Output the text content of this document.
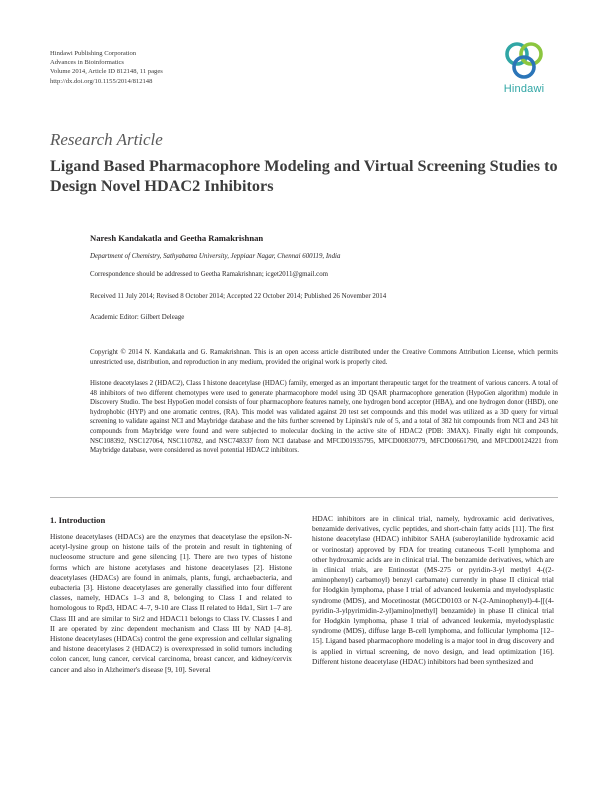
Hindawi Publishing Corporation
Advances in Bioinformatics
Volume 2014, Article ID 812148, 11 pages
http://dx.doi.org/10.1155/2014/812148
Hindawi
Research Article
Ligand Based Pharmacophore Modeling and Virtual Screening Studies to Design Novel HDAC2 Inhibitors
Naresh Kandakatla and Geetha Ramakrishnan
Department of Chemistry, Sathyabama University, Jeppiaar Nagar, Chennai 600119, India
Correspondence should be addressed to Geetha Ramakrishnan; icget2011@gmail.com
Received 11 July 2014; Revised 8 October 2014; Accepted 22 October 2014; Published 26 November 2014
Academic Editor: Gilbert Deleage
Copyright © 2014 N. Kandakatla and G. Ramakrishnan. This is an open access article distributed under the Creative Commons Attribution License, which permits unrestricted use, distribution, and reproduction in any medium, provided the original work is properly cited.
Histone deacetylases 2 (HDAC2), Class I histone deacetylase (HDAC) family, emerged as an important therapeutic target for the treatment of various cancers. A total of 48 inhibitors of two different chemotypes were used to generate pharmacophore model using 3D QSAR pharmacophore generation (HypoGen algorithm) module in Discovery Studio. The best HypoGen model consists of four pharmacophore features namely, one hydrogen bond acceptor (HBA), and one hydrogen donor (HBD), one hydrophobic (HYP) and one aromatic centres, (RA). This model was validated against 20 test set compounds and this model was utilized as a 3D query for virtual screening to validate against NCI and Maybridge database and the hits further screened by Lipinski's rule of 5, and a total of 382 hit compounds from NCI and 243 hit compounds from Maybridge were found and were subjected to molecular docking in the active site of HDAC2 (PDB: 3MAX). Finally eight hit compounds, NSC108392, NSC127064, NSC110782, and NSC748337 from NCI database and MFCD01935795, MFCD00830779, MFCD00661790, and MFCD00124221 from Maybridge database, were considered as novel potential HDAC2 inhibitors.
1. Introduction
Histone deacetylases (HDACs) are the enzymes that deacetylase the epsilon-N-acetyl-lysine group on histone tails of the protein and result in tightening of nucleosome structure and gene silencing [1]. There are two types of histone forms which are histone acetylases and histone deacetylases [2]. Histone deacetylases (HDACs) are found in animals, plants, fungi, archaebacteria, and eubacteria [3]. Histone deacetylases are generally classified into four different classes, namely, HDACs 1–3 and 8, belonging to Class I and related to homologous to Rpd3, HDAC 4–7, 9-10 are Class II related to Hda1, Sirt 1–7 are Class III and are similar to Sir2 and HDAC11 belongs to Class IV. Classes I and II are operated by zinc dependent mechanism and Class III by NAD [4–8]. Histone deacetylases (HDACs) control the gene expression and cellular signaling and histone deacetylases 2 (HDAC2) is overexpressed in solid tumors including colon cancer, lung cancer, cervical carcinoma, breast cancer, and kidney/cervix cancer and also in Alzheimer's disease [9, 10]. Several
HDAC inhibitors are in clinical trial, namely, hydroxamic acid derivatives, benzamide derivatives, cyclic peptides, and short-chain fatty acids [11]. The first histone deacetylase (HDAC) inhibitor SAHA (suberoylanilide hydroxamic acid or vorinostat) approved by FDA for treating cutaneous T-cell lymphoma and other hydroxamic acids are in clinical trial. The benzamide derivatives, which are in clinical trials, are Entinostat (MS-275 or pyridin-3-yl methyl 4-((2-aminophenyl) carbamoyl) benzyl carbamate) currently in phase II clinical trial for Hodgkin lymphoma, phase I trial of advanced leukemia and myelodysplastic syndrome (MDS), and Mocetinostat (MGCD0103 or N-(2-Aminophenyl)-4-[[(4-pyridin-3-ylpyrimidin-2-yl)amino]methyl] benzamide) in phase II clinical trial for Hodgkin lymphoma, phase I trial of advanced leukemia, myelodysplastic syndrome (MDS), diffuse large B-cell lymphoma, and follicular lymphoma [12–15]. Ligand based pharmacophore modeling is a major tool in drug discovery and is applied in virtual screening, de novo design, and lead optimization [16]. Different histone deacetylase (HDAC) inhibitors had been synthesized and
